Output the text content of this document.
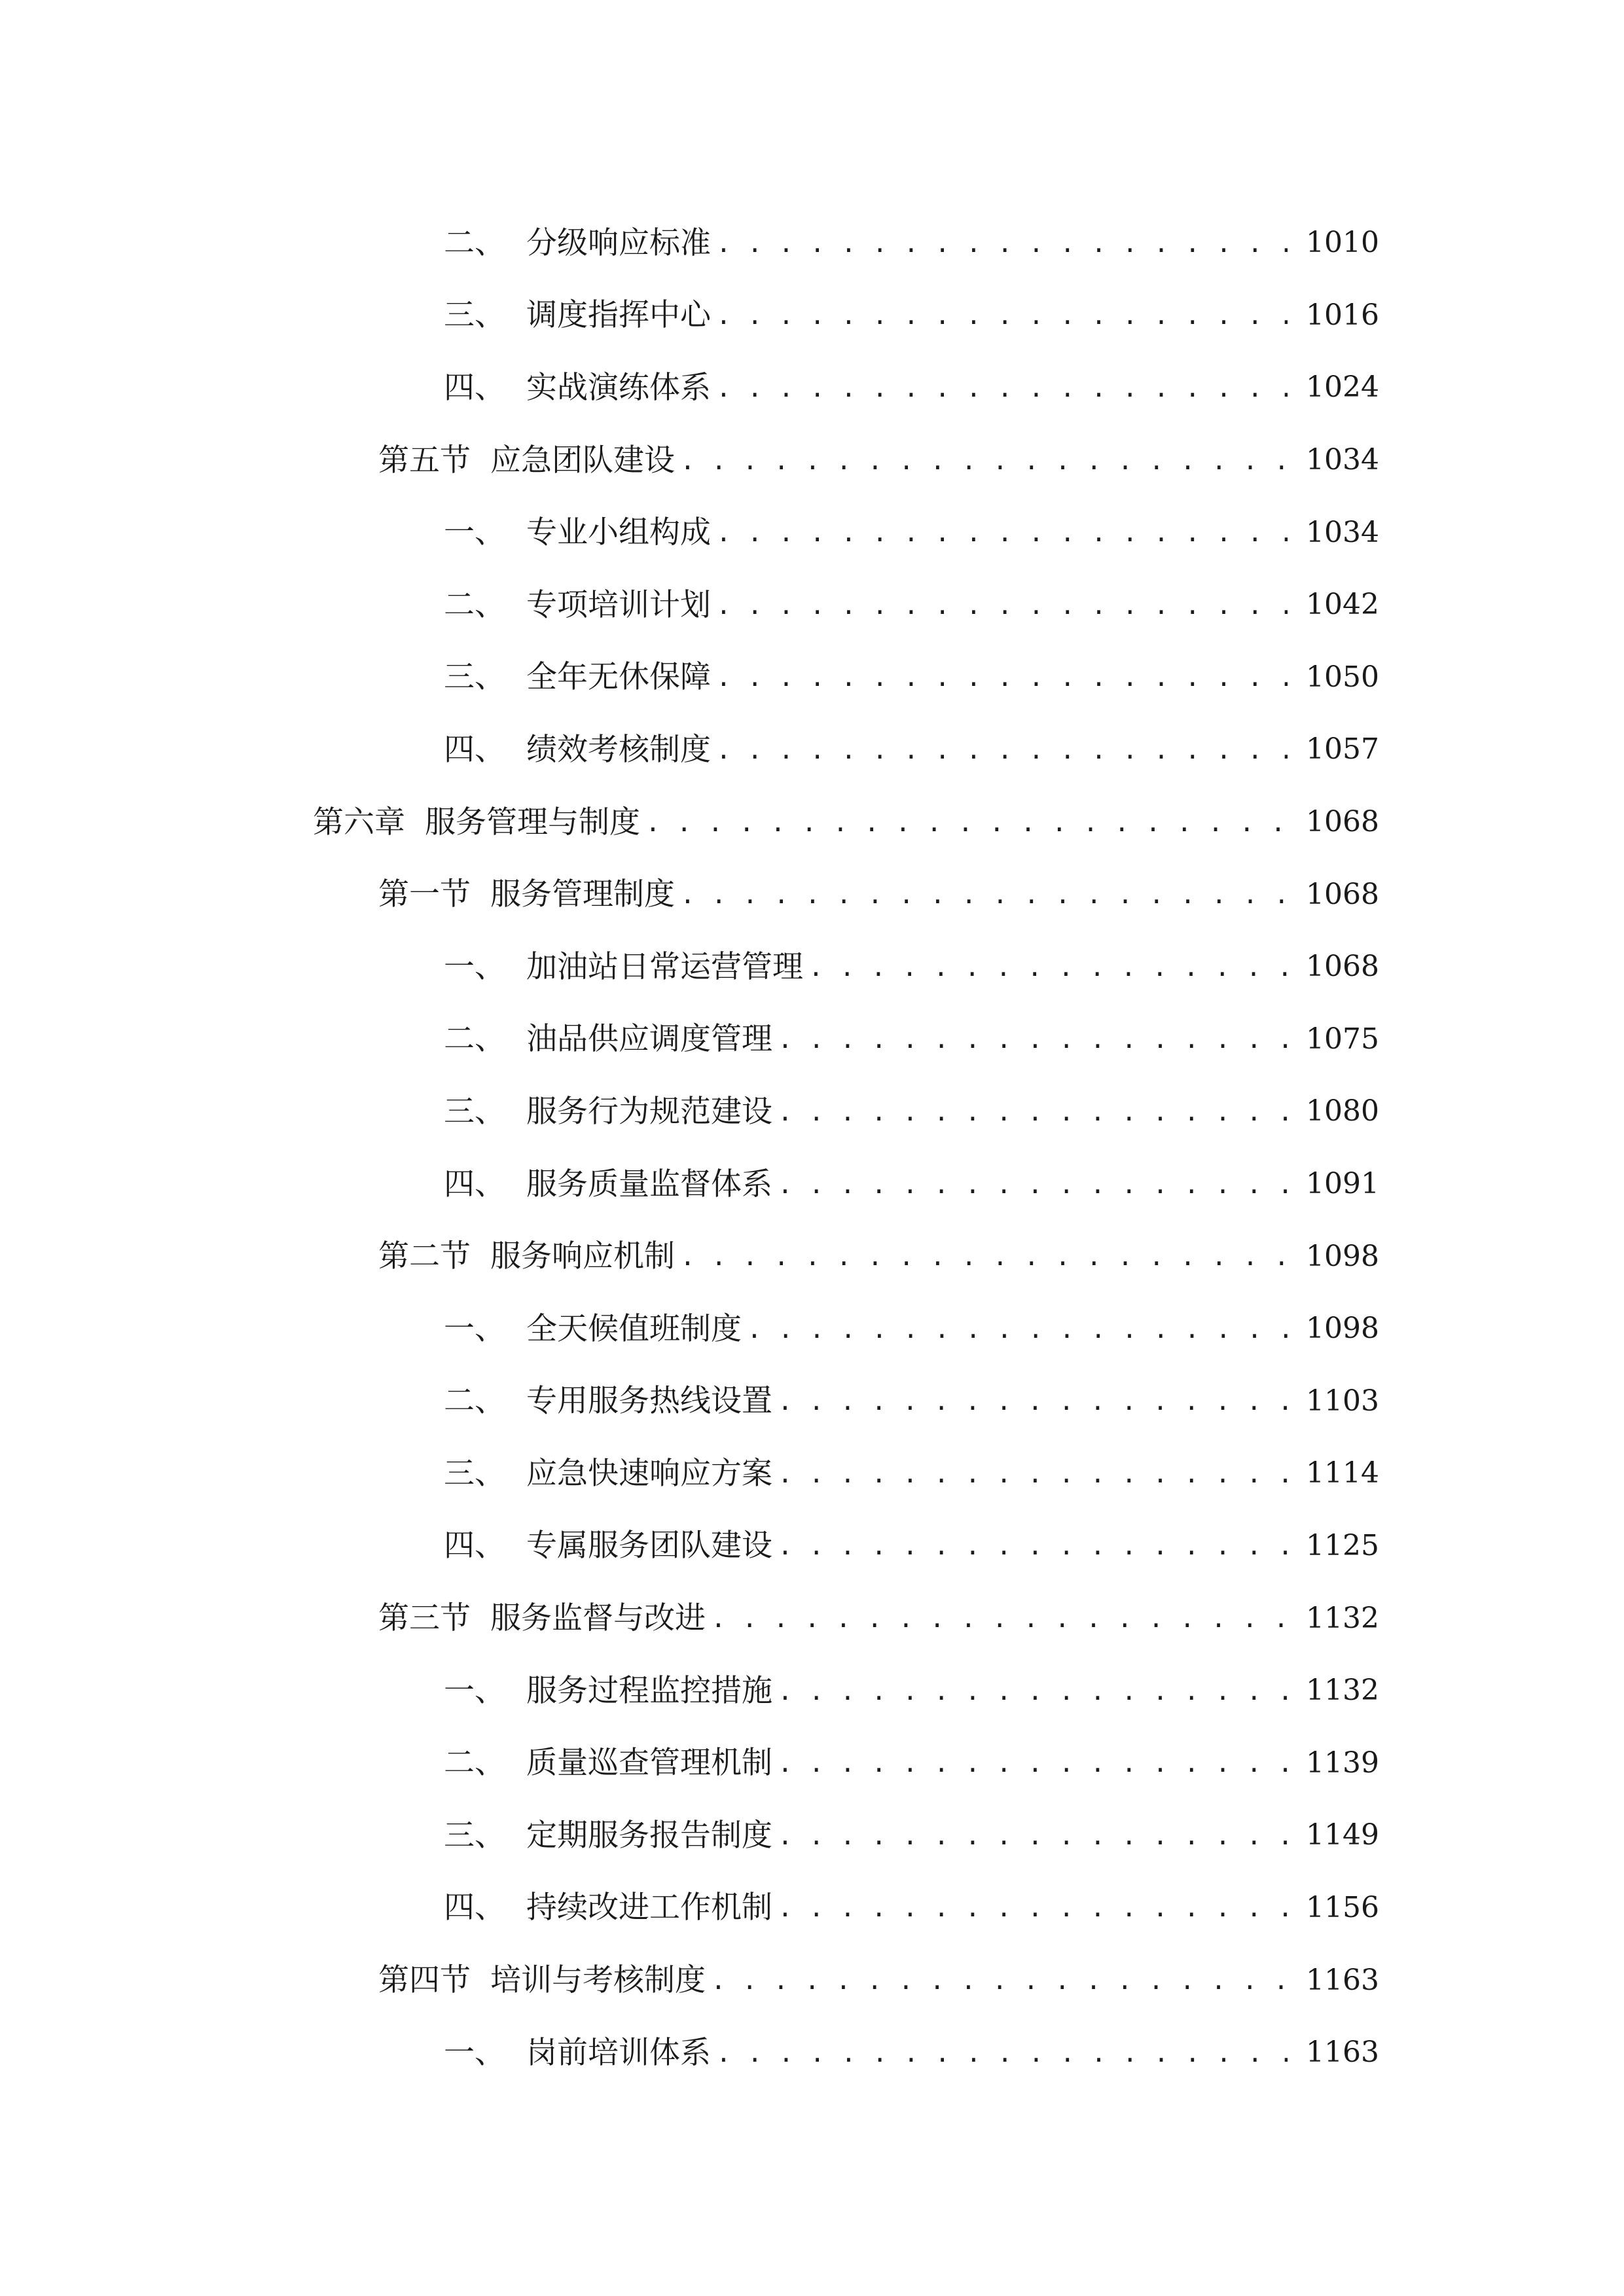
二、 分级响应标准 . . .	1010
三、 调度指挥中心 . . .	1016
四、 实战演练体系 . . .	1024
第五节 应急团队建设 . . .	1034
一、 专业小组构成 . . .	1034
二、 专项培训计划 . . .	1042
三、 全年无休保障 . . .	1050
四、 绩效考核制度 . . .	1057
第六章 服务管理与制度 . . .	1068
第一节 服务管理制度 . . .	1068
一、 加油站日常运营管理 . . .	1068
二、 油品供应调度管理 . . .	1075
三、 服务行为规范建设 . . .	1080
四、 服务质量监督体系 . . .	1091
第二节 服务响应机制 . . .	1098
一、 全天候值班制度 . . .	1098
二、 专用服务热线设置 . . .	1103
三、 应急快速响应方案 . . .	1114
四、 专属服务团队建设 . . .	1125
第三节 服务监督与改进 . . .	1132
一、 服务过程监控措施 . . .	1132
二、 质量巡查管理机制 . . .	1139
三、 定期服务报告制度 . . .	1149
四、 持续改进工作机制 . . .	1156
第四节 培训与考核制度 . . .	1163
一、 岗前培训体系 . . .	1163
